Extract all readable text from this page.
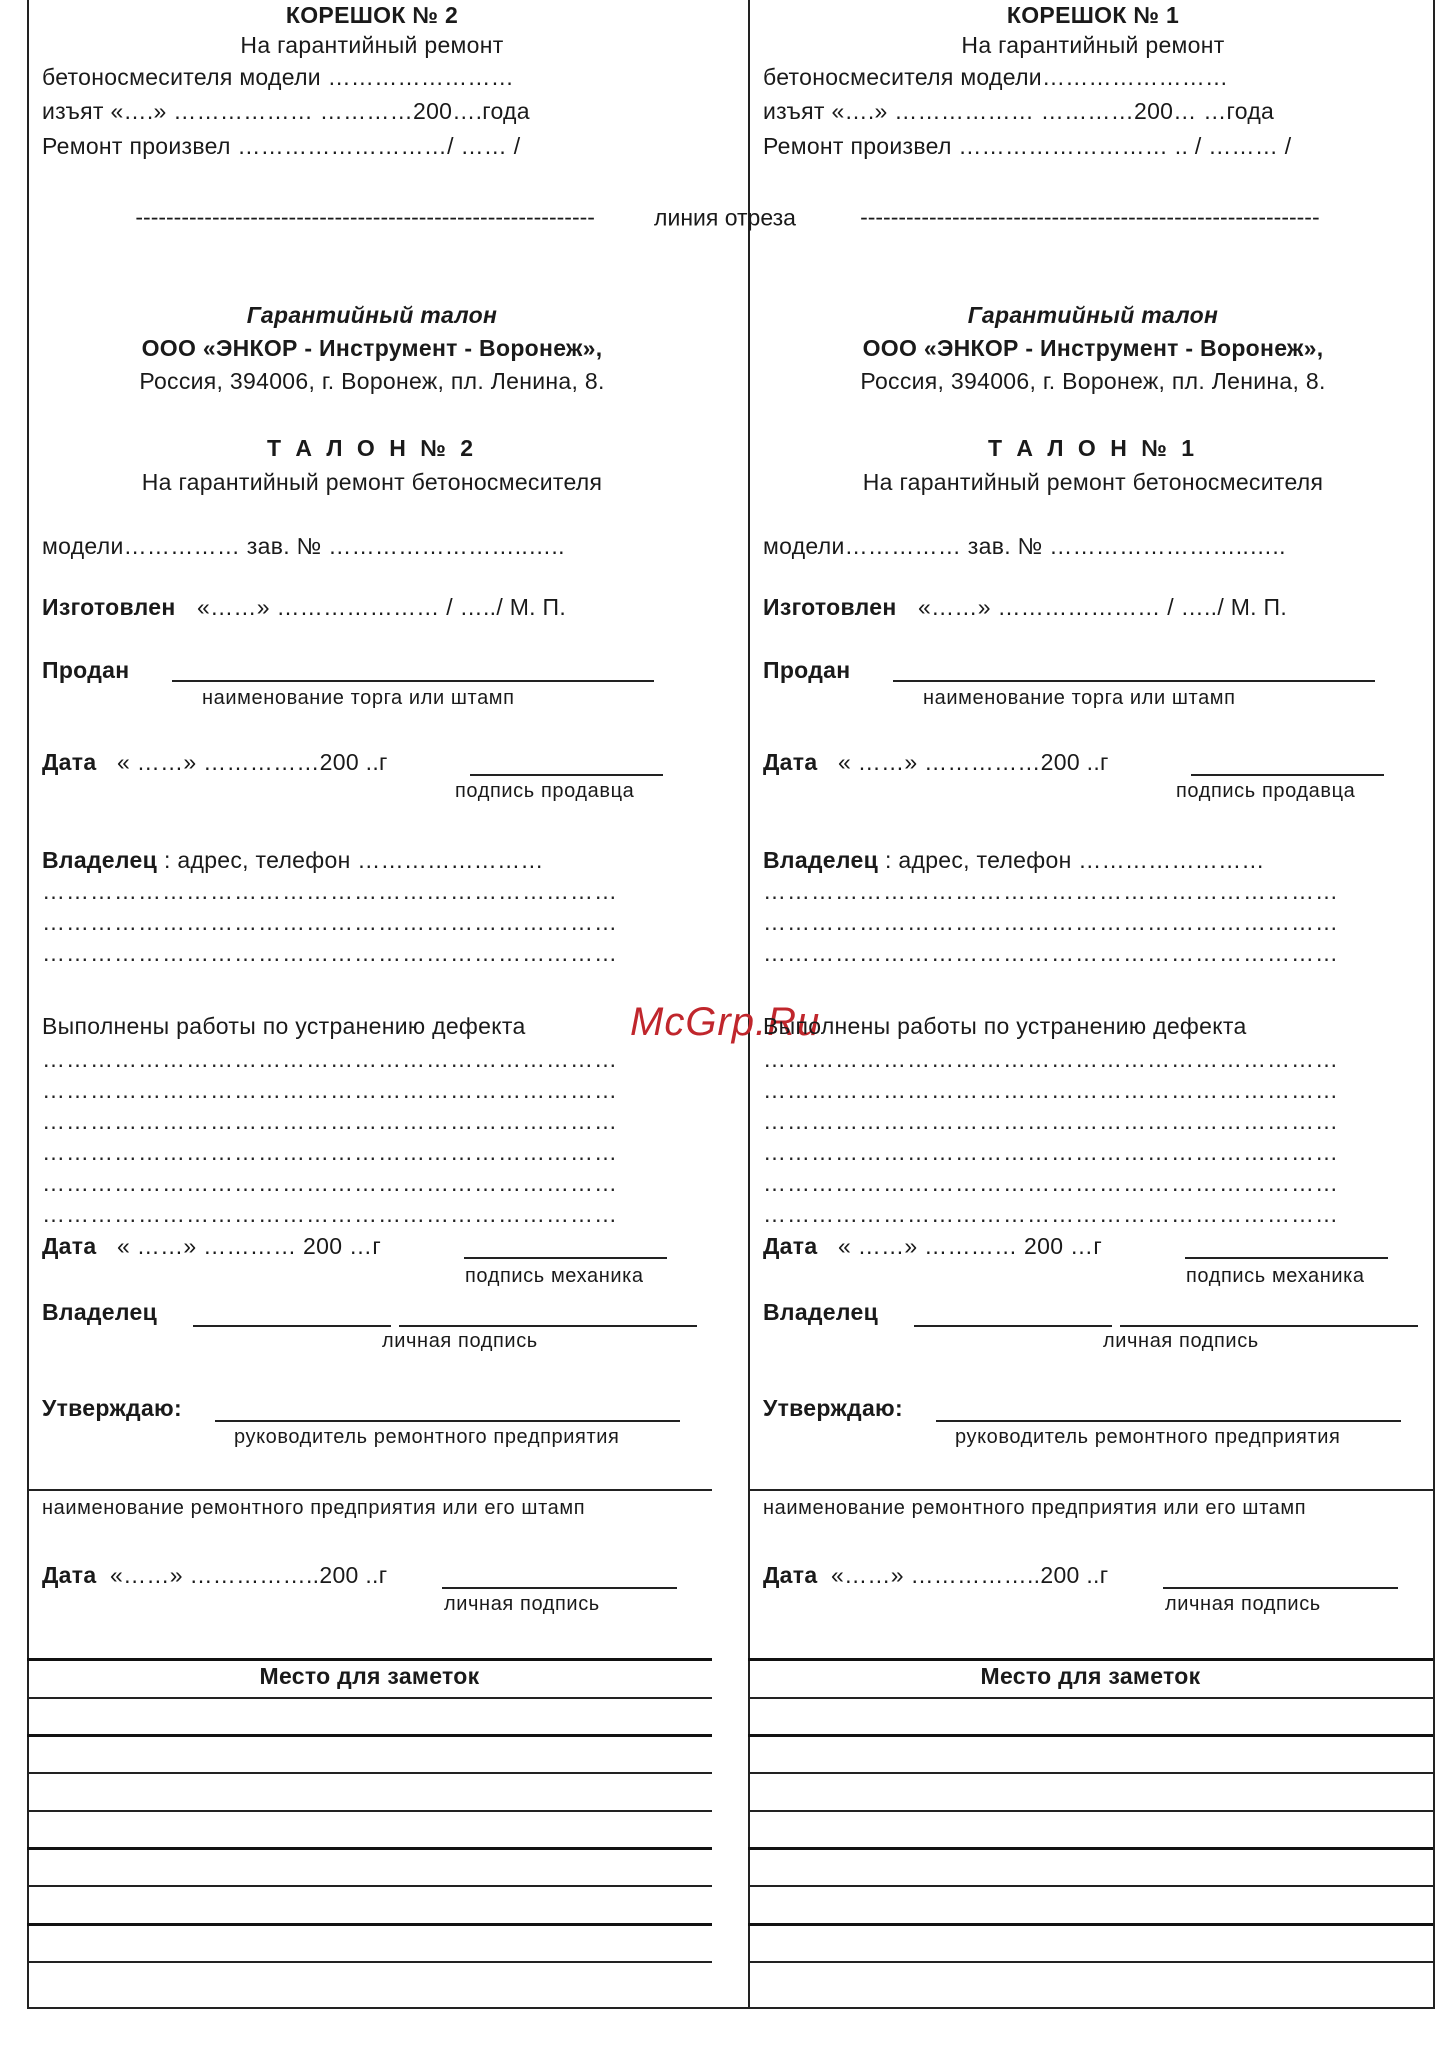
------------------------------------------------------------	линия отреза	------------------------------------------------------------
McGrp.Ru
КОРЕШОК № 2
На гарантийный ремонт
бетоносмесителя модели ……………………
изъят «….» ……………… …………200….года
Ремонт произвел ………………………/ …… /
Гарантийный талон
ООО «ЭНКОР - Инструмент - Воронеж»,
Россия, 394006, г. Воронеж, пл. Ленина, 8.
Т А Л О Н № 2
На гарантийный ремонт бетоносмесителя
модели…………… зав. № ……………………..…..
Изготовлен «……» ………………… / …../ М. П.
Продан
наименование торга или штамп
Дата « ……» ……………200 ..г
подпись продавца
Владелец : адрес, телефон ……………………
………………………………………………………………
………………………………………………………………
………………………………………………………………
Выполнены работы по устранению дефекта
………………………………………………………………
………………………………………………………………
………………………………………………………………
………………………………………………………………
………………………………………………………………
………………………………………………………………
Дата « ……» ………… 200 …г
подпись механика
Владелец
личная подпись
Утверждаю:
руководитель ремонтного предприятия
наименование ремонтного предприятия или его штамп
Дата «……» ……………..200 ..г
личная подпись
Место для заметок
КОРЕШОК № 1
На гарантийный ремонт
бетоносмесителя модели……………………
изъят «….» ……………… …………200… …года
Ремонт произвел ……………………… .. / ……… /
Гарантийный талон
ООО «ЭНКОР - Инструмент - Воронеж»,
Россия, 394006, г. Воронеж, пл. Ленина, 8.
Т А Л О Н № 1
На гарантийный ремонт бетоносмесителя
модели…………… зав. № ……………………..…..
Изготовлен «……» ………………… / …../ М. П.
Продан
наименование торга или штамп
Дата « ……» ……………200 ..г
подпись продавца
Владелец : адрес, телефон ……………………
………………………………………………………………
………………………………………………………………
………………………………………………………………
Выполнены работы по устранению дефекта
………………………………………………………………
………………………………………………………………
………………………………………………………………
………………………………………………………………
………………………………………………………………
………………………………………………………………
Дата « ……» ………… 200 …г
подпись механика
Владелец
личная подпись
Утверждаю:
руководитель ремонтного предприятия
наименование ремонтного предприятия или его штамп
Дата «……» ……………..200 ..г
личная подпись
Место для заметок
